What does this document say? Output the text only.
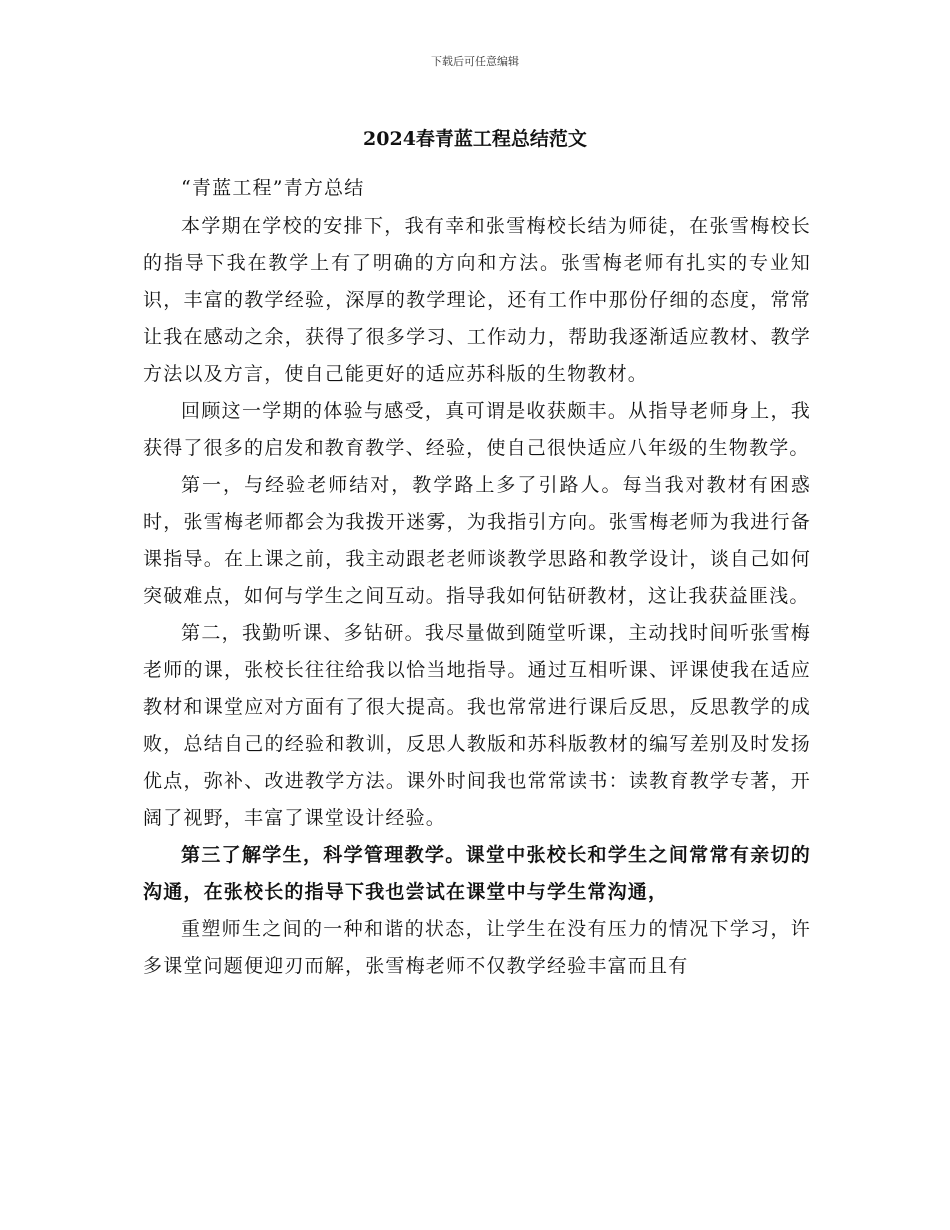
下载后可任意编辑
2024春青蓝工程总结范文

“青蓝工程”青方总结

本学期在学校的安排下，我有幸和张雪梅校长结为师徒，在张雪梅校长的指导下我在教学上有了明确的方向和方法。张雪梅老师有扎实的专业知识，丰富的教学经验，深厚的教学理论，还有工作中那份仔细的态度，常常让我在感动之余，获得了很多学习、工作动力，帮助我逐渐适应教材、教学方法以及方言，使自己能更好的适应苏科版的生物教材。

回顾这一学期的体验与感受，真可谓是收获颇丰。从指导老师身上，我获得了很多的启发和教育教学、经验，使自己很快适应八年级的生物教学。

第一，与经验老师结对，教学路上多了引路人。每当我对教材有困惑时，张雪梅老师都会为我拨开迷雾，为我指引方向。张雪梅老师为我进行备课指导。在上课之前，我主动跟老老师谈教学思路和教学设计，谈自己如何突破难点，如何与学生之间互动。指导我如何钻研教材，这让我获益匪浅。

第二，我勤听课、多钻研。我尽量做到随堂听课，主动找时间听张雪梅老师的课，张校长往往给我以恰当地指导。通过互相听课、评课使我在适应教材和课堂应对方面有了很大提高。我也常常进行课后反思，反思教学的成败，总结自己的经验和教训，反思人教版和苏科版教材的编写差别及时发扬优点，弥补、改进教学方法。课外时间我也常常读书：读教育教学专著，开阔了视野，丰富了课堂设计经验。

第三了解学生，科学管理教学。课堂中张校长和学生之间常常有亲切的沟通，在张校长的指导下我也尝试在课堂中与学生常沟通，

重塑师生之间的一种和谐的状态，让学生在没有压力的情况下学习，许多课堂问题便迎刃而解，张雪梅老师不仅教学经验丰富而且有
